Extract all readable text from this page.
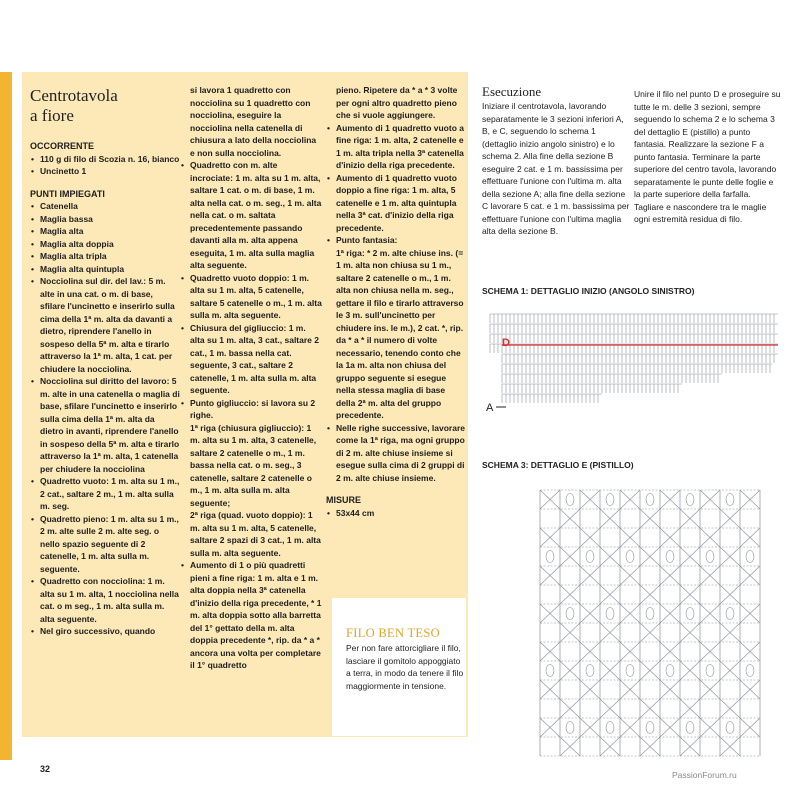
Centrotavola
a fiore
OCCORRENTE
• 110 g di filo di Scozia n. 16, bianco
• Uncinetto 1
PUNTI IMPIEGATI
• Catenella
• Maglia bassa
• Maglia alta
• Maglia alta doppia
• Maglia alta tripla
• Maglia alta quintupla
• Nocciolina sul dir. del lav.: 5 m. alte in una cat. o m. di base, sfilare l'uncinetto e inserirlo sulla cima della 1ª m. alta da davanti a dietro, riprendere l'anello in sospeso della 5ª m. alta e tirarlo attraverso la 1ª m. alta, 1 cat. per chiudere la nocciolina.
• Nocciolina sul diritto del lavoro: 5 m. alte in una catenella o maglia di base, sfilare l'uncinetto e inserirlo sulla cima della 1ª m. alta da dietro in avanti, riprendere l'anello in sospeso della 5ª m. alta e tirarlo attraverso la 1ª m. alta, 1 catenella per chiudere la nocciolina
• Quadretto vuoto: 1 m. alta su 1 m., 2 cat., saltare 2 m., 1 m. alta sulla m. seg.
• Quadretto pieno: 1 m. alta su 1 m., 2 m. alte sulle 2 m. alte seg. o nello spazio seguente di 2 catenelle, 1 m. alta sulla m. seguente.
• Quadretto con nocciolina: 1 m. alta su 1 m. alta, 1 nocciolina nella cat. o m seg., 1 m. alta sulla m. alta seguente.
• Nel giro successivo, quando

si lavora 1 quadretto con nocciolina su 1 quadretto con nocciolina, eseguire la nocciolina nella catenella di chiusura a lato della nocciolina e non sulla nocciolina.

• Quadretto con m. alte incrociate: 1 m. alta su 1 m. alta, saltare 1 cat. o m. di base, 1 m. alta nella cat. o m. seg., 1 m. alta nella cat. o m. saltata precedentemente passando davanti alla m. alta appena eseguita, 1 m. alta sulla maglia alta seguente.
• Quadretto vuoto doppio: 1 m. alta su 1 m. alta, 5 catenelle, saltare 5 catenelle o m., 1 m. alta sulla m. alta seguente.
• Chiusura del gigliuccio: 1 m. alta su 1 m. alta, 3 cat., saltare 2 cat., 1 m. bassa nella cat. seguente, 3 cat., saltare 2 catenelle, 1 m. alta sulla m. alta seguente.
• Punto gigliuccio: si lavora su 2 righe.

1ª riga (chiusura gigliuccio): 1 m. alta su 1 m. alta, 3 catenelle, saltare 2 catenelle o m., 1 m. bassa nella cat. o m. seg., 3 catenelle, saltare 2 catenelle o m., 1 m. alta sulla m. alta seguente;

2ª riga (quad. vuoto doppio): 1 m. alta su 1 m. alta, 5 catenelle, saltare 2 spazi di 3 cat., 1 m. alta sulla m. alta seguente.

• Aumento di 1 o più quadretti pieni a fine riga: 1 m. alta e 1 m. alta doppia nella 3ª catenella d'inizio della riga precedente, * 1 m. alta doppia sotto alla barretta del 1° gettato della m. alta doppia precedente *, rip. da * a * ancora una volta per completare il 1° quadretto

pieno. Ripetere da * a * 3 volte per ogni altro quadretto pieno che si vuole aggiungere.

• Aumento di 1 quadretto vuoto a fine riga: 1 m. alta, 2 catenelle e 1 m. alta tripla nella 3ª catenella d'inizio della riga precedente.
• Aumento di 1 quadretto vuoto doppio a fine riga: 1 m. alta, 5 catenelle e 1 m. alta quintupla nella 3ª cat. d'inizio della riga precedente.
• Punto fantasia:

1ª riga: * 2 m. alte chiuse ins. (= 1 m. alta non chiusa su 1 m., saltare 2 catenelle o m., 1 m. alta non chiusa nella m. seg., gettare il filo e tirarlo attraverso le 3 m. sull'uncinetto per chiudere ins. le m.), 2 cat. *, rip. da * a * il numero di volte necessario, tenendo conto che la 1a m. alta non chiusa del gruppo seguente si esegue nella stessa maglia di base della 2ª m. alta del gruppo precedente.

• Nelle righe successive, lavorare come la 1ª riga, ma ogni gruppo di 2 m. alte chiuse insieme si esegue sulla cima di 2 gruppi di 2 m. alte chiuse insieme.
MISURE
• 53x44 cm
FILO BEN TESO
Per non fare attorcigliare il filo, lasciare il gomitolo appoggiato a terra, in modo da tenere il filo maggiormente in tensione.
Esecuzione
Iniziare il centrotavola, lavorando separatamente le 3 sezioni inferiori A, B, e C, seguendo lo schema 1 (dettaglio inizio angolo sinistro) e lo schema 2. Alla fine della sezione B eseguire 2 cat. e 1 m. bassissima per effettuare l'unione con l'ultima m. alta della sezione A; alla fine della sezione C lavorare 5 cat. e 1 m. bassissima per effettuare l'unione con l'ultima maglia alta della sezione B.
Unire il filo nel punto D e proseguire su tutte le m. delle 3 sezioni, sempre seguendo lo schema 2 e lo schema 3 del dettaglio E (pistillo) a punto fantasia. Realizzare la sezione F a punto fantasia. Terminare la parte superiore del centro tavola, lavorando separatamente le punte delle foglie e la parte superiore della farfalla. Tagliare e nascondere tra le maglie ogni estremità residua di filo.
SCHEMA 1: DETTAGLIO INIZIO (ANGOLO SINISTRO)
D
A
SCHEMA 3: DETTAGLIO E (PISTILLO)
32
PassionForum.ru
